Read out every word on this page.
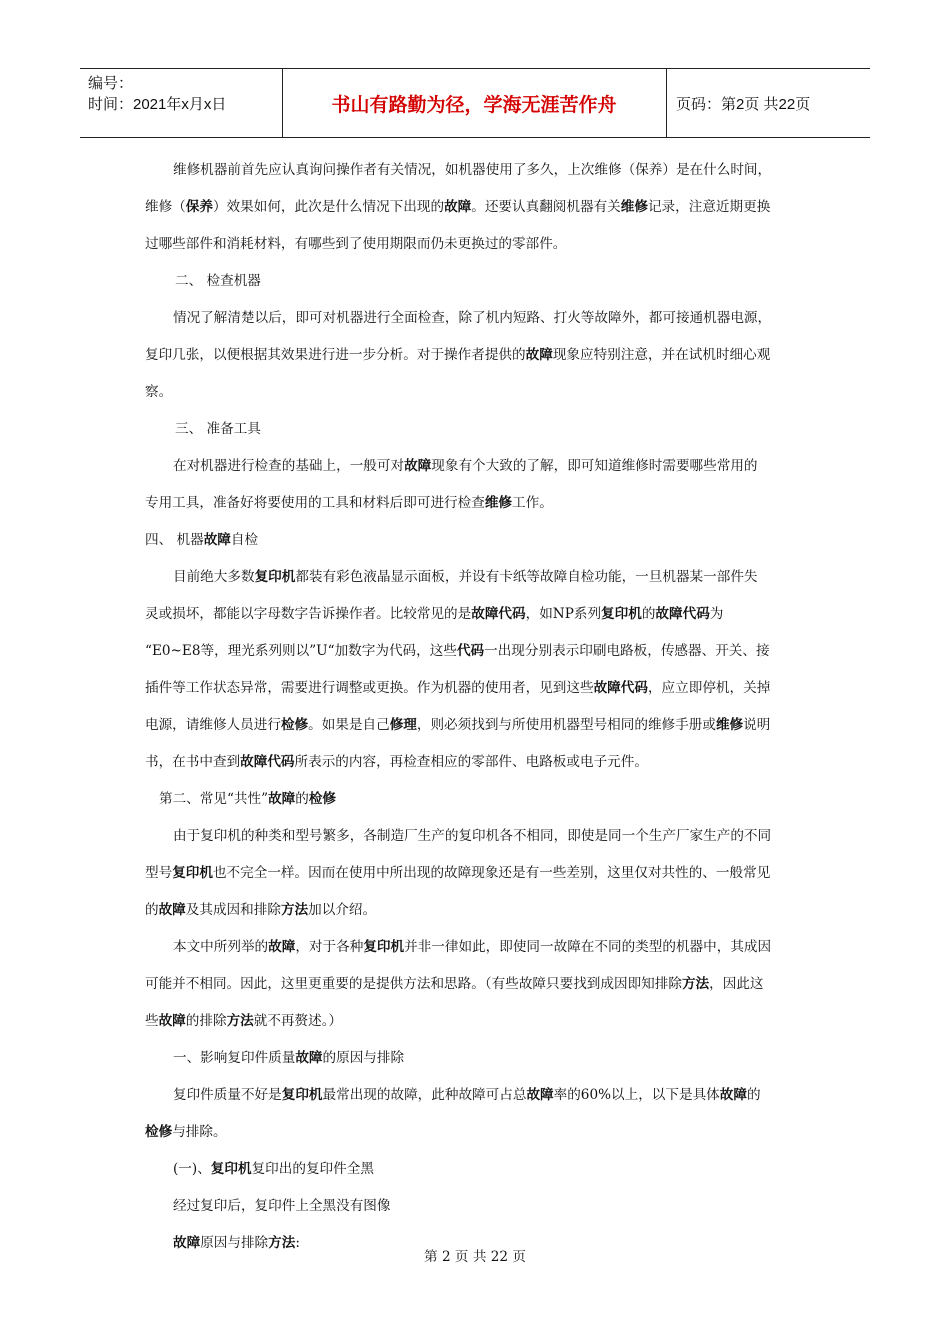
编号：
时间：2021年x月x日	书山有路勤为径，学海无涯苦作舟	页码：第2页 共22页

维修机器前首先应认真询问操作者有关情况，如机器使用了多久，上次维修（保养）是在什么时间，

维修（保养）效果如何，此次是什么情况下出现的故障。还要认真翻阅机器有关维修记录，注意近期更换

过哪些部件和消耗材料，有哪些到了使用期限而仍未更换过的零部件。

二、 检查机器

情况了解清楚以后，即可对机器进行全面检查，除了机内短路、打火等故障外，都可接通机器电源，

复印几张，以便根据其效果进行进一步分析。对于操作者提供的故障现象应特别注意，并在试机时细心观

察。

三、 准备工具

在对机器进行检查的基础上，一般可对故障现象有个大致的了解，即可知道维修时需要哪些常用的

专用工具，准备好将要使用的工具和材料后即可进行检查维修工作。

四、 机器故障自检

目前绝大多数复印机都装有彩色液晶显示面板，并设有卡纸等故障自检功能，一旦机器某一部件失

灵或损坏，都能以字母数字告诉操作者。比较常见的是故障代码，如NP系列复印机的故障代码为

“E0~E8等，理光系列则以”U“加数字为代码，这些代码一出现分别表示印刷电路板，传感器、开关、接

插件等工作状态异常，需要进行调整或更换。作为机器的使用者，见到这些故障代码，应立即停机，关掉

电源，请维修人员进行检修。如果是自己修理，则必须找到与所使用机器型号相同的维修手册或维修说明

书，在书中查到故障代码所表示的内容，再检查相应的零部件、电路板或电子元件。

第二、常见“共性”故障的检修

由于复印机的种类和型号繁多，各制造厂生产的复印机各不相同，即使是同一个生产厂家生产的不同

型号复印机也不完全一样。因而在使用中所出现的故障现象还是有一些差别，这里仅对共性的、一般常见

的故障及其成因和排除方法加以介绍。

本文中所列举的故障，对于各种复印机并非一律如此，即使同一故障在不同的类型的机器中，其成因

可能并不相同。因此，这里更重要的是提供方法和思路。（有些故障只要找到成因即知排除方法，因此这

些故障的排除方法就不再赘述。）

一、影响复印件质量故障的原因与排除

复印件质量不好是复印机最常出现的故障，此种故障可占总故障率的60%以上，以下是具体故障的

检修与排除。

(一)、复印机复印出的复印件全黑

经过复印后，复印件上全黑没有图像

故障原因与排除方法:

第 2 页 共 22 页
